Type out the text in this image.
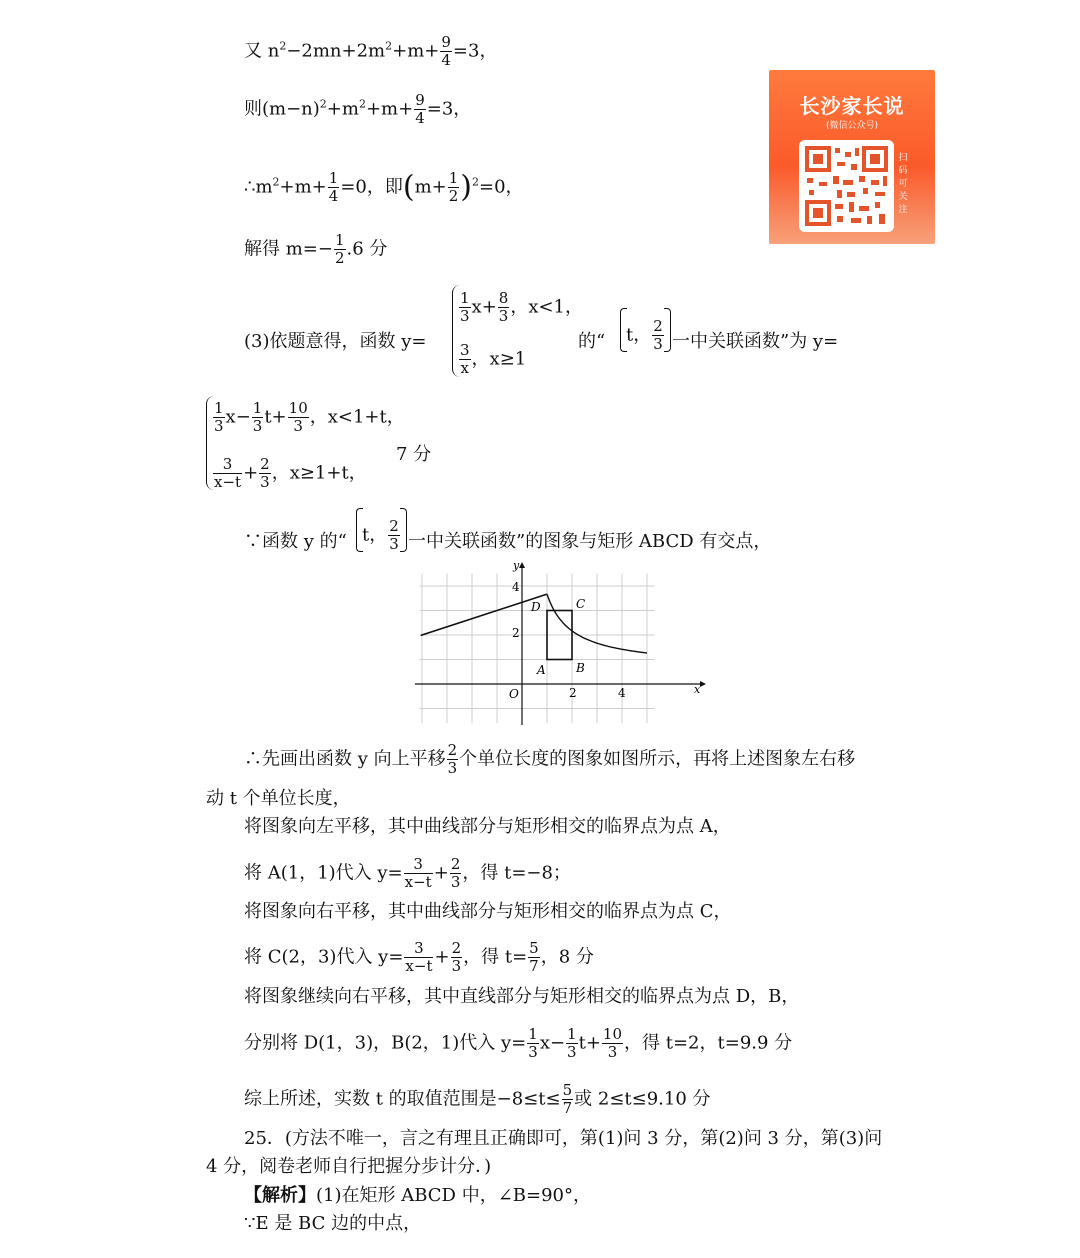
长沙家长说
(微信公众号)
扫码可关注
又 $n^2-2mn+2m^2+m+ \frac{9}{4} =3$，
则$(m-n)^2+m^2+m+ \frac{9}{4} =3$，
$\therefore m^2+m+ \frac{1}{4} =0$，即$(m+ \frac{1}{2} )^2=0$，
解得 $m=- \frac{1}{2} .6$ 分
(3)依题意得，函数 y=
$\frac{1}{3} x+ \frac{8}{3}$ ，x<1，
$\frac{3}{x}$ ，x≥1
的“ t， $\frac{2}{3}$ 一中关联函数”为 y=
$\frac{1}{3} x- \frac{1}{3} t+ \frac{10}{3}$ ，x<1+t，
$\frac{3}{x-t} + \frac{2}{3}$ ，x≥1+t，
7 分
∵函数 y 的“ t， $\frac{2}{3}$ 一中关联函数”的图象与矩形 ABCD 有交点，
y
x
O
4
2
2	4
A	B
C
D
∴先画出函数 y 向上平移 $\frac{2}{3}$ 个单位长度的图象如图所示，再将上述图象左右移
动 t 个单位长度，
将图象向左平移，其中曲线部分与矩形相交的临界点为点 A，
将 A(1，1)代入 $y= \frac{3}{x-t} + \frac{2}{3}$ ，得 t=−8；
将图象向右平移，其中曲线部分与矩形相交的临界点为点 C，
将 C(2，3)代入 $y= \frac{3}{x-t} + \frac{2}{3}$ ，得 $t= \frac{5}{7}$ ，8 分
将图象继续向右平移，其中直线部分与矩形相交的临界点为点 D，B，
分别将 D(1，3)，B(2，1)代入 $y= \frac{1}{3} x- \frac{1}{3} t+ \frac{10}{3}$ ，得 t=2，t=9.9 分
综上所述，实数 t 的取值范围是$-8\le t\le \frac{5}{7}$ 或 2≤t≤9.10 分
25．(方法不唯一，言之有理且正确即可，第(1)问 3 分，第(2)问 3 分，第(3)问
4 分，阅卷老师自行把握分步计分．)
【解析】(1)在矩形 ABCD 中，∠B=90°，
∵E 是 BC 边的中点，
